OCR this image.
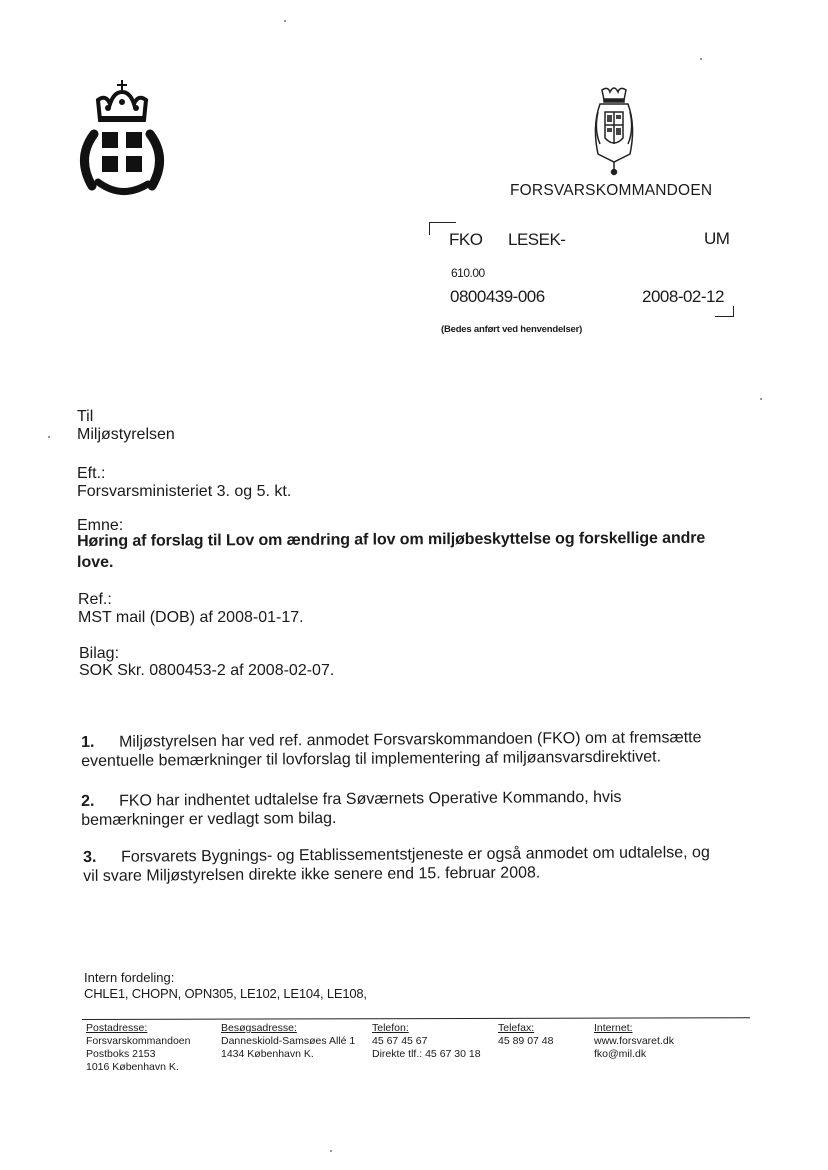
FORSVARSKOMMANDOEN
FKO LESEK-	UM
610.00
0800439-006	2008-02-12
(Bedes anført ved henvendelser)
Til
Miljøstyrelsen
Eft.:
Forsvarsministeriet 3. og 5. kt.
Emne:
Høring af forslag til Lov om ændring af lov om miljøbeskyttelse og forskellige andre
love.
Ref.:
MST mail (DOB) af 2008-01-17.
Bilag:
SOK Skr. 0800453-2 af 2008-02-07.
1. Miljøstyrelsen har ved ref. anmodet Forsvarskommandoen (FKO) om at fremsætte
eventuelle bemærkninger til lovforslag til implementering af miljøansvarsdirektivet.
2. FKO har indhentet udtalelse fra Søværnets Operative Kommando, hvis
bemærkninger er vedlagt som bilag.
3. Forsvarets Bygnings- og Etablissementstjeneste er også anmodet om udtalelse, og
vil svare Miljøstyrelsen direkte ikke senere end 15. februar 2008.
Intern fordeling:
CHLE1, CHOPN, OPN305, LE102, LE104, LE108,
Postadresse:
Forsvarskommandoen
Postboks 2153
1016 København K.
Besøgsadresse:
Danneskiold-Samsøes Allé 1
1434 København K.
Telefon:
45 67 45 67
Direkte tlf.: 45 67 30 18
Telefax:
45 89 07 48
Internet:
www.forsvaret.dk
fko@mil.dk
